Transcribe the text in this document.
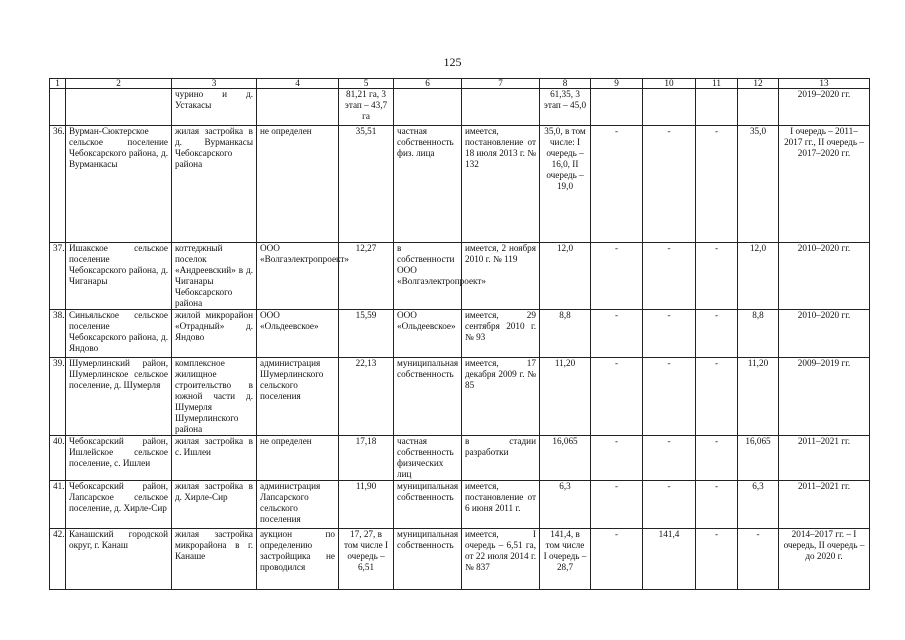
125
1	2	3	4	5	6	7	8	9	10	11	12	13
		чурино и д. Устакасы		81,21 га, 3 этап – 43,7 га			61,35, 3 этап – 45,0					2019–2020 гг.
36.	Вурман-Сюктерское сельское поселение Чебоксарского района, д. Вурманкасы	жилая застройка в д. Вурманкасы Чебоксарского района	не определен	35,51	частная собственность физ. лица	имеется, постановление от 18 июля 2013 г. № 132	35,0, в том числе: I очередь – 16,0, II очередь – 19,0	-	-	-	35,0	I очередь – 2011–2017 гг., II очередь – 2017–2020 гг.
37.	Ишакское сельское поселение Чебоксарского района, д. Чиганары	коттеджный поселок «Андреевский» в д. Чиганары Чебоксарского района	ООО «Волгаэлектропроект»	12,27	в собственности ООО «Волгаэлектропроект»	имеется, 2 ноября 2010 г. № 119	12,0	-	-	-	12,0	2010–2020 гг.
38.	Синьяльское сельское поселение Чебоксарского района, д. Яндово	жилой микрорайон «Отрадный» д. Яндово	ООО «Ольдеевское»	15,59	ООО «Ольдеевское»	имеется, 29 сентября 2010 г. № 93	8,8	-	-	-	8,8	2010–2020 гг.
39.	Шумерлинский район, Шумерлинское сельское поселение, д. Шумерля	комплексное жилищное строительство в южной части д. Шумерля Шумерлинского района	администрация Шумерлинского сельского поселения	22,13	муниципальная собственность	имеется, 17 декабря 2009 г. № 85	11,20	-	-	-	11,20	2009–2019 гг.
40.	Чебоксарский район, Ишлейское сельское поселение, с. Ишлеи	жилая застройка в с. Ишлеи	не определен	17,18	частная собственность физических лиц	в стадии разработки	16,065	-	-	-	16,065	2011–2021 гг.
41.	Чебоксарский район, Лапсарское сельское поселение, д. Хирле-Сир	жилая застройка в д. Хирле-Сир	администрация Лапсарского сельского поселения	11,90	муниципальная собственность	имеется, постановление от 6 июня 2011 г.	6,3	-	-	-	6,3	2011–2021 гг.
42.	Канашский городской округ, г. Канаш	жилая застройка микрорайона в г. Канаше	аукцион по определению застройщика не проводился	17, 27, в том числе I очередь – 6,51	муниципальная собственность	имеется, I очередь – 6,51 га, от 22 июля 2014 г. № 837	141,4, в том числе I очередь – 28,7	-	141,4	-	-	2014–2017 гг. – I очередь, II очередь – до 2020 г.
